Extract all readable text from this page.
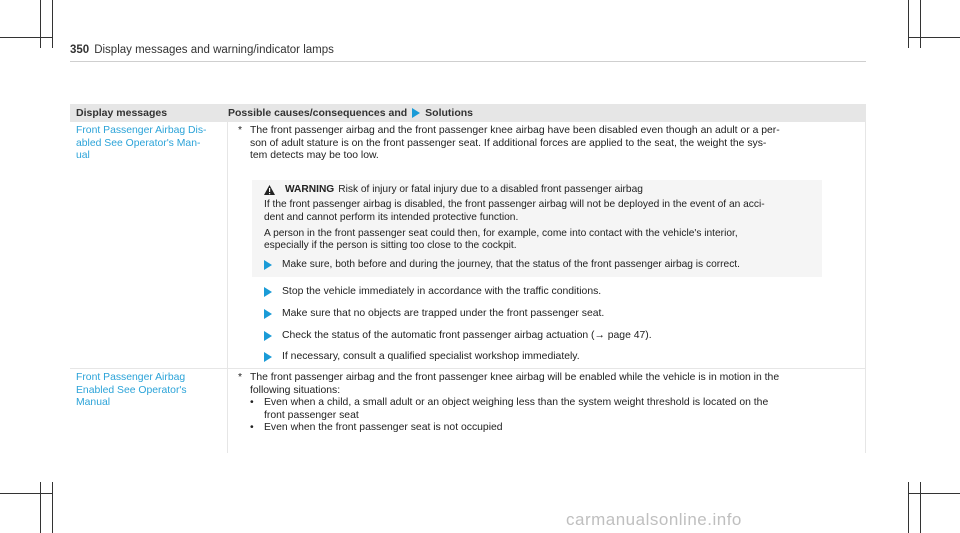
350 Display messages and warning/indicator lamps
Display messages	Possible causes/consequences and Solutions
Front Passenger Airbag Dis-
abled See Operator's Man-
ual
* The front passenger airbag and the front passenger knee airbag have been disabled even though an adult or a per-
son of adult stature is on the front passenger seat. If additional forces are applied to the seat, the weight the sys-
tem detects may be too low.
WARNING Risk of injury or fatal injury due to a disabled front passenger airbag

If the front passenger airbag is disabled, the front passenger airbag will not be deployed in the event of an acci-
dent and cannot perform its intended protective function.

A person in the front passenger seat could then, for example, come into contact with the vehicle's interior,
especially if the person is sitting too close to the cockpit.

Make sure, both before and during the journey, that the status of the front passenger airbag is correct.
Stop the vehicle immediately in accordance with the traffic conditions.
Make sure that no objects are trapped under the front passenger seat.
Check the status of the automatic front passenger airbag actuation (→ page 47).
If necessary, consult a qualified specialist workshop immediately.
Front Passenger Airbag
Enabled See Operator's
Manual
* The front passenger airbag and the front passenger knee airbag will be enabled while the vehicle is in motion in the
following situations:
• Even when a child, a small adult or an object weighing less than the system weight threshold is located on the
front passenger seat
• Even when the front passenger seat is not occupied
carmanualsonline.info
